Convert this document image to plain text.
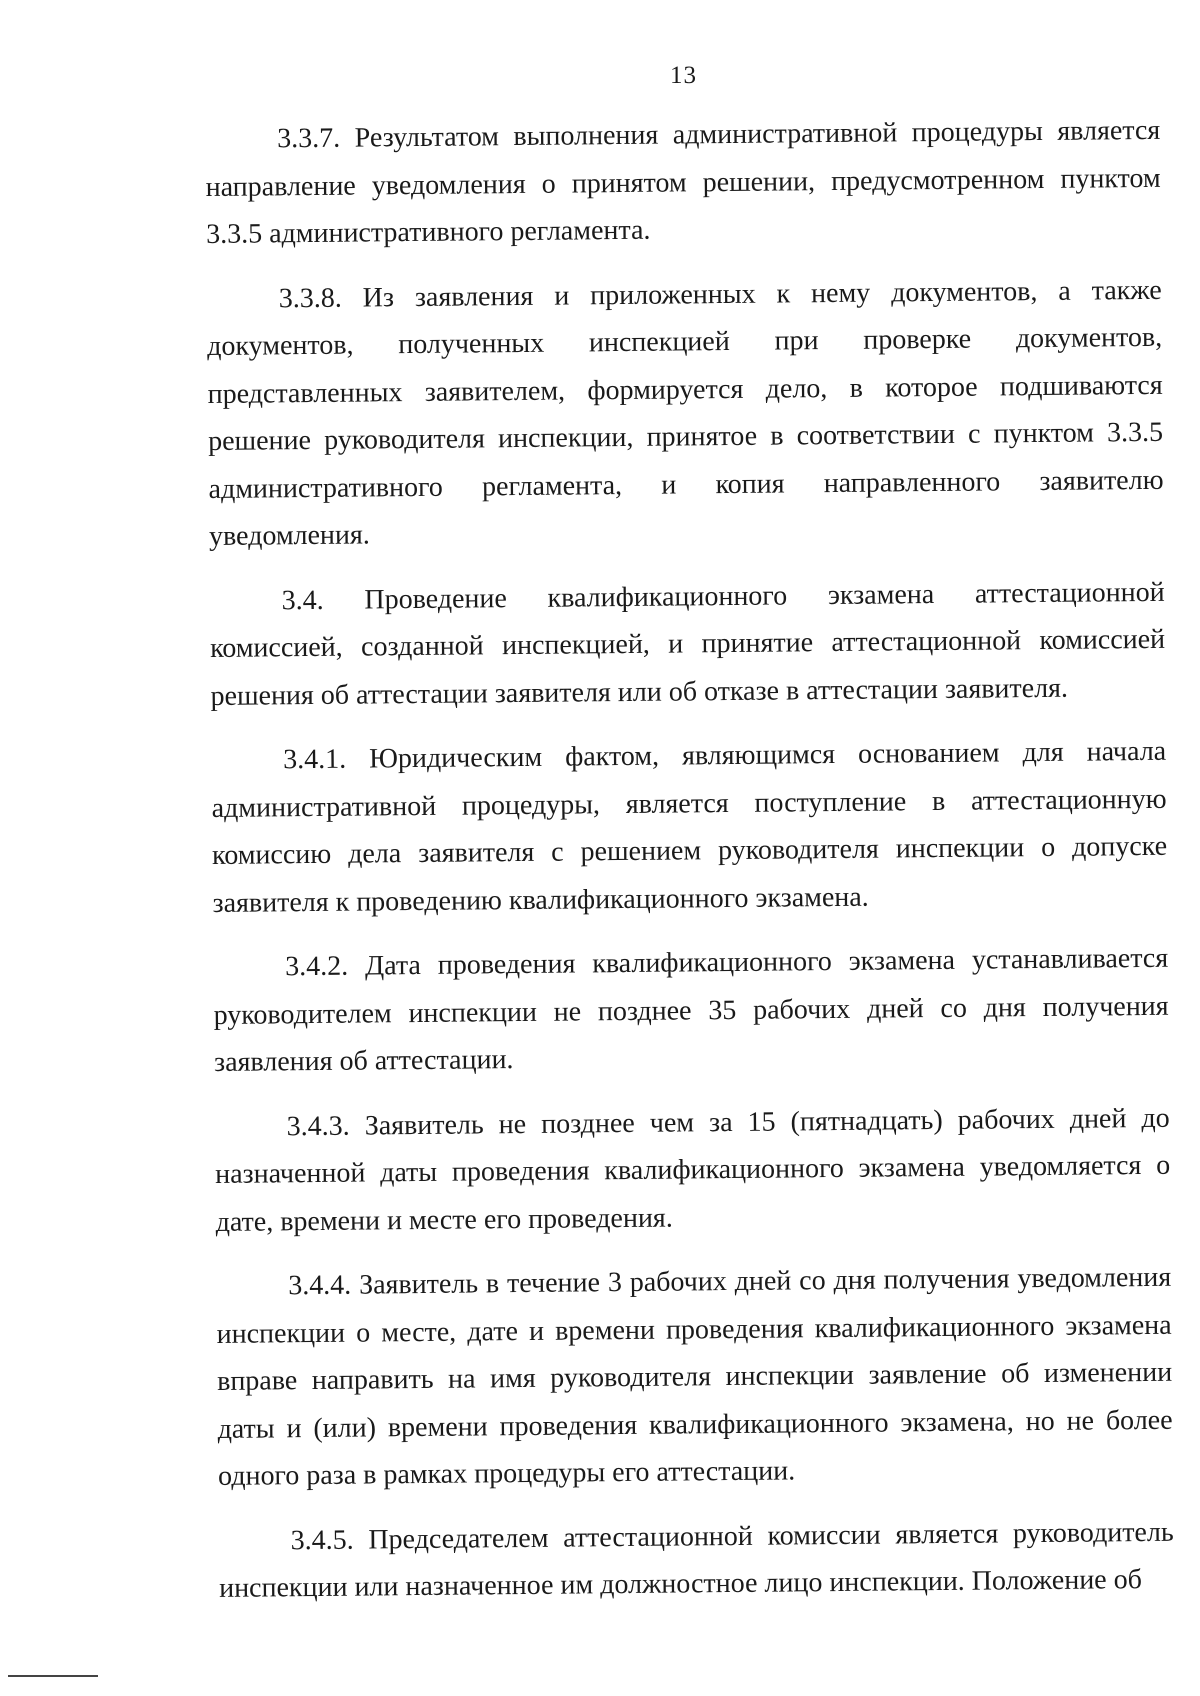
13

3.3.7. Результатом выполнения административной процедуры является направление уведомления о принятом решении, предусмотренном пунктом 3.3.5 административного регламента.

3.3.8. Из заявления и приложенных к нему документов, а также документов, полученных инспекцией при проверке документов, представленных заявителем, формируется дело, в которое подшиваются решение руководителя инспекции, принятое в соответствии с пунктом 3.3.5 административного регламента, и копия направленного заявителю уведомления.

3.4. Проведение квалификационного экзамена аттестационной комиссией, созданной инспекцией, и принятие аттестационной комиссией решения об аттестации заявителя или об отказе в аттестации заявителя.

3.4.1. Юридическим фактом, являющимся основанием для начала административной процедуры, является поступление в аттестационную комиссию дела заявителя с решением руководителя инспекции о допуске заявителя к проведению квалификационного экзамена.

3.4.2. Дата проведения квалификационного экзамена устанавливается руководителем инспекции не позднее 35 рабочих дней со дня получения заявления об аттестации.

3.4.3. Заявитель не позднее чем за 15 (пятнадцать) рабочих дней до назначенной даты проведения квалификационного экзамена уведомляется о дате, времени и месте его проведения.

3.4.4. Заявитель в течение 3 рабочих дней со дня получения уведомления инспекции о месте, дате и времени проведения квалификационного экзамена вправе направить на имя руководителя инспекции заявление об изменении даты и (или) времени проведения квалификационного экзамена, но не более одного раза в рамках процедуры его аттестации.

3.4.5. Председателем аттестационной комиссии является руководитель инспекции или назначенное им должностное лицо инспекции. Положение об
